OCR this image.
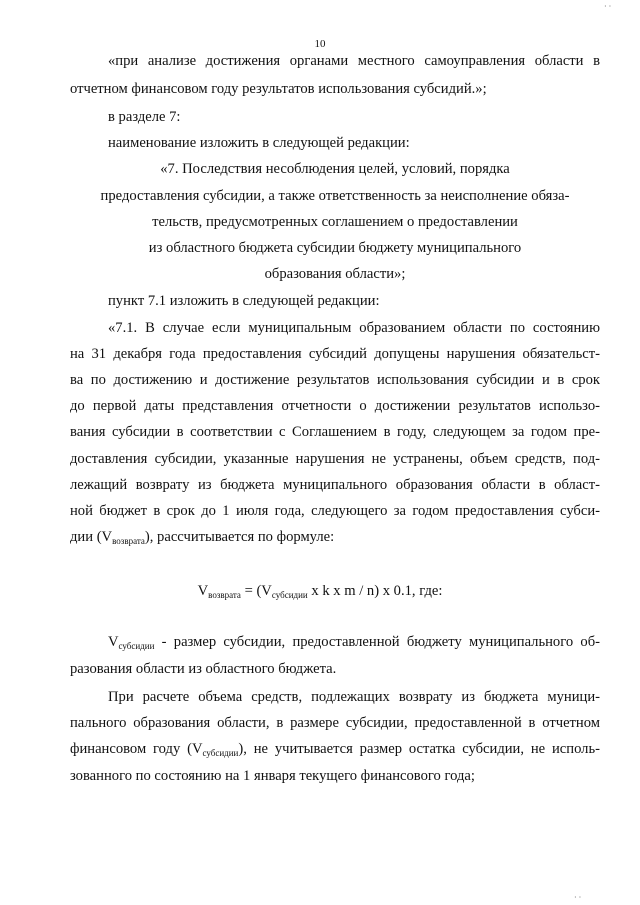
· ·
10
«при анализе достижения органами местного самоуправления области в
отчетном финансовом году результатов использования субсидий.»;
в разделе 7:
наименование изложить в следующей редакции:
«7. Последствия несоблюдения целей, условий, порядка
предоставления субсидии, а также ответственность за неисполнение обяза-
тельств, предусмотренных соглашением о предоставлении
из областного бюджета субсидии бюджету муниципального
образования области»;
пункт 7.1 изложить в следующей редакции:
«7.1. В случае если муниципальным образованием области по состоянию
на 31 декабря года предоставления субсидий допущены нарушения обязательст-
ва по достижению и достижение результатов использования субсидии и в срок
до первой даты представления отчетности о достижении результатов использо-
вания субсидии в соответствии с Соглашением в году, следующем за годом пре-
доставления субсидии, указанные нарушения не устранены, объем средств, под-
лежащий возврату из бюджета муниципального образования области в област-
ной бюджет в срок до 1 июля года, следующего за годом предоставления субси-
дии $(V_{возврата})$, рассчитывается по формуле:
$V_{возврата} = (V_{субсидии}$ x k x m / n) x 0.1, где:
$V_{субсидии}$ - размер субсидии, предоставленной бюджету муниципального об-
разования области из областного бюджета.
При расчете объема средств, подлежащих возврату из бюджета муници-
пального образования области, в размере субсидии, предоставленной в отчетном
финансовом году $(V_{субсидии})$, не учитывается размер остатка субсидии, не исполь-
зованного по состоянию на 1 января текущего финансового года;
· ·
